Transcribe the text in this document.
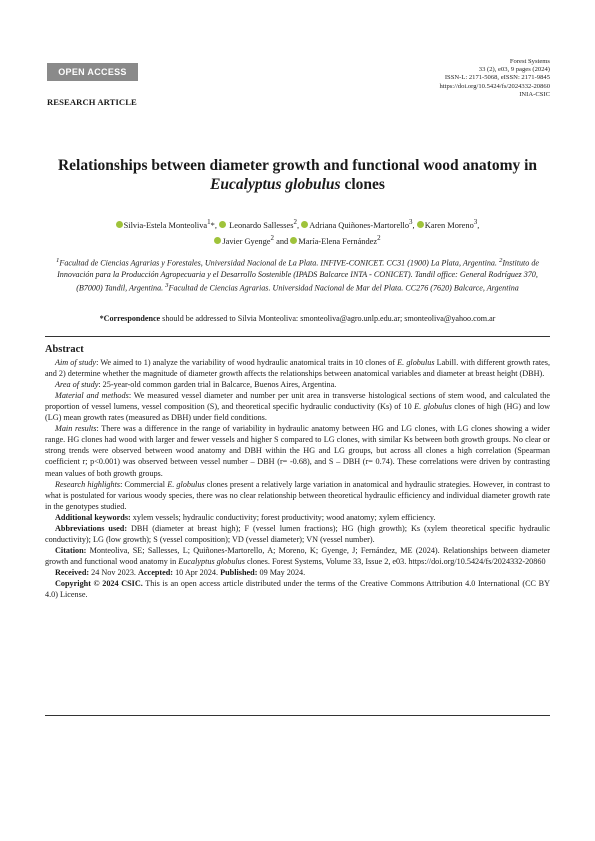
OPEN ACCESS
Forest Systems
33 (2), e03, 9 pages (2024)
ISSN-L: 2171-5068, eISSN: 2171-9845
https://doi.org/10.5424/fs/2024332-20860
INIA-CSIC
RESEARCH ARTICLE
Relationships between diameter growth and functional wood anatomy in
Eucalyptus globulus clones
Silvia-Estela Monteoliva$^1$*, Leonardo Sallesses$^2$, Adriana Quiñones-Martorello$^3$, Karen Moreno$^3$,
Javier Gyenge$^2$ and María-Elena Fernández$^2$
$^1$Facultad de Ciencias Agrarias y Forestales, Universidad Nacional de La Plata. INFIVE-CONICET. CC31 (1900) La Plata, Argentina. $^2$Instituto de Innovación para la Producción Agropecuaria y el Desarrollo Sostenible (IPADS Balcarce INTA - CONICET). Tandil office: General Rodríguez 370, (B7000) Tandil, Argentina. $^3$Facultad de Ciencias Agrarias. Universidad Nacional de Mar del Plata. CC276 (7620) Balcarce, Argentina
*Correspondence should be addressed to Silvia Monteoliva: smonteoliva@agro.unlp.edu.ar; smonteoliva@yahoo.com.ar
Abstract

Aim of study: We aimed to 1) analyze the variability of wood hydraulic anatomical traits in 10 clones of E. globulus Labill. with different growth rates, and 2) determine whether the magnitude of diameter growth affects the relationships between anatomical variables and diameter at breast height (DBH).

Area of study: 25-year-old common garden trial in Balcarce, Buenos Aires, Argentina.

Material and methods: We measured vessel diameter and number per unit area in transverse histological sections of stem wood, and calculated the proportion of vessel lumens, vessel composition (S), and theoretical specific hydraulic conductivity (Ks) of 10 E. globulus clones of high (HG) and low (LG) mean growth rates (measured as DBH) under field conditions.

Main results: There was a difference in the range of variability in hydraulic anatomy between HG and LG clones, with LG clones showing a wider range. HG clones had wood with larger and fewer vessels and higher S compared to LG clones, with similar Ks between both growth groups. No clear or strong trends were observed between wood anatomy and DBH within the HG and LG groups, but across all clones a high correlation (Spearman coefficient r; p<0.001) was observed between vessel number – DBH (r= -0.68), and S – DBH (r= 0.74). These correlations were driven by contrasting mean values of both growth groups.

Research highlights: Commercial E. globulus clones present a relatively large variation in anatomical and hydraulic strategies. However, in contrast to what is postulated for various woody species, there was no clear relationship between theoretical hydraulic efficiency and individual diameter growth rate in the genotypes studied.

Additional keywords: xylem vessels; hydraulic conductivity; forest productivity; wood anatomy; xylem efficiency.

Abbreviations used: DBH (diameter at breast high); F (vessel lumen fractions); HG (high growth); Ks (xylem theoretical specific hydraulic conductivity); LG (low growth); S (vessel composition); VD (vessel diameter); VN (vessel number).

Citation: Monteoliva, SE; Sallesses, L; Quiñones-Martorello, A; Moreno, K; Gyenge, J; Fernández, ME (2024). Relationships between diameter growth and functional wood anatomy in Eucalyptus globulus clones. Forest Systems, Volume 33, Issue 2, e03. https://doi.org/10.5424/fs/2024332-20860

Received: 24 Nov 2023. Accepted: 10 Apr 2024. Published: 09 May 2024.

Copyright © 2024 CSIC. This is an open access article distributed under the terms of the Creative Commons Attribution 4.0 International (CC BY 4.0) License.
